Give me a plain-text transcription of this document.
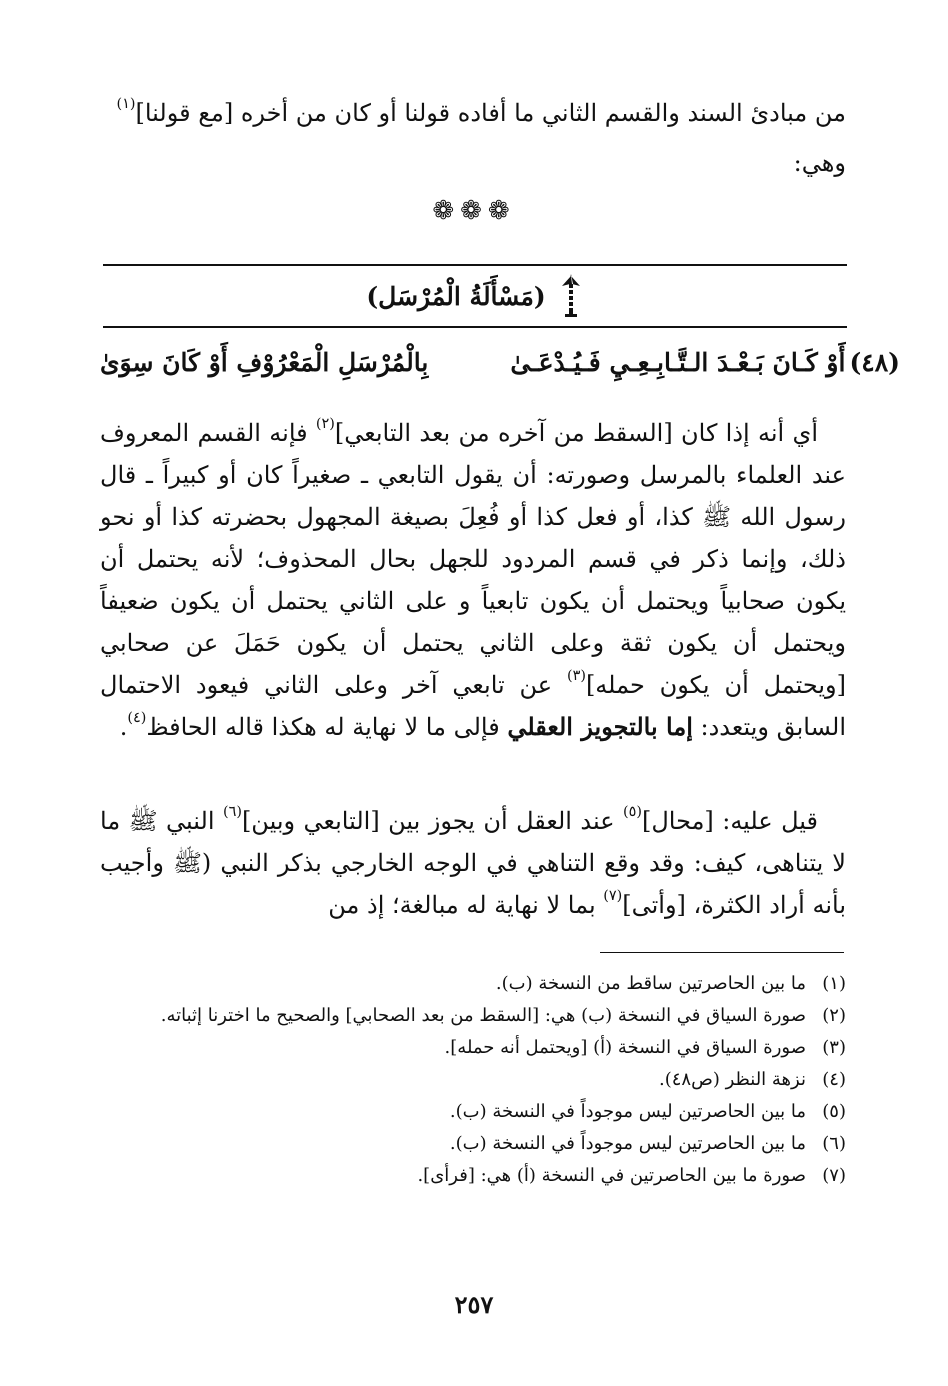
من مبادئ السند والقسم الثاني ما أفاده قولنا أو كان من أخره [مع قولنا]$^{(١)}$
وهي:
❁❁❁
(مَسْأَلَةُ الْمُرْسَل)
(٤٨)
أَوْ كَـانَ بَـعْـدَ الـتَّـابِـعِـيِ فَـيُـدْعَـىٰ
بِالْمُرْسَلِ الْمَعْرُوْفِ أَوْ كَانَ سِوَىٰ
أي أنه إذا كان [السقط من آخره من بعد التابعي]$^{(٢)}$ فإنه القسم المعروف عند العلماء بالمرسل وصورته: أن يقول التابعي ـ صغيراً كان أو كبيراً ـ قال رسول الله ﷺ كذا، أو فعل كذا أو فُعِلَ بصيغة المجهول بحضرته كذا أو نحو ذلك، وإنما ذكر في قسم المردود للجهل بحال المحذوف؛ لأنه يحتمل أن يكون صحابياً ويحتمل أن يكون تابعياً و على الثاني يحتمل أن يكون ضعيفاً ويحتمل أن يكون ثقة وعلى الثاني يحتمل أن يكون حَمَلَ عن صحابي [ويحتمل أن يكون حمله]$^{(٣)}$ عن تابعي آخر وعلى الثاني فيعود الاحتمال السابق ويتعدد: إما بالتجويز العقلي فإلى ما لا نهاية له هكذا قاله الحافظ$^{(٤)}$.
قيل عليه: [محال]$^{(٥)}$ عند العقل أن يجوز بين [التابعي وبين]$^{(٦)}$ النبي ﷺ ما لا يتناهى، كيف: وقد وقع التناهي في الوجه الخارجي بذكر النبي (ﷺ وأجيب بأنه أراد الكثرة، [وأتى]$^{(٧)}$ بما لا نهاية له مبالغة؛ إذ من
(١)
ما بين الحاصرتين ساقط من النسخة (ب).
(٢)
صورة السياق في النسخة (ب) هي: [السقط من بعد الصحابي] والصحيح ما اخترنا إثباته.
(٣)
صورة السياق في النسخة (أ) [ويحتمل أنه حمله].
(٤)
نزهة النظر (ص٤٨).
(٥)
ما بين الحاصرتين ليس موجوداً في النسخة (ب).
(٦)
ما بين الحاصرتين ليس موجوداً في النسخة (ب).
(٧)
صورة ما بين الحاصرتين في النسخة (أ) هي: [فرأى].
٢٥٧
